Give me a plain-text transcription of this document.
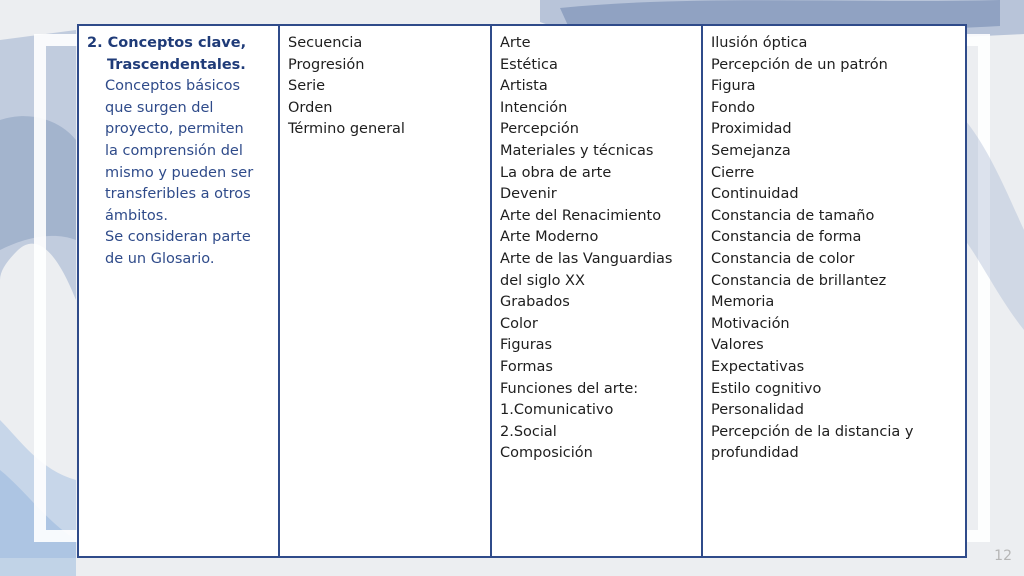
2. Conceptos clave,
Trascendentales.
Conceptos básicos
que surgen del
proyecto, permiten
la comprensión del
mismo y pueden ser
transferibles a otros
ámbitos.
Se consideran parte
de un Glosario.

Secuencia
Progresión
Serie
Orden
Término general

Arte
Estética
Artista
Intención
Percepción
Materiales y técnicas
La obra de arte
Devenir
Arte del Renacimiento
Arte Moderno
Arte de las Vanguardias del siglo XX
Grabados
Color
Figuras
Formas
Funciones del arte:
1.Comunicativo
2.Social
Composición

Ilusión óptica
Percepción de un patrón
Figura
Fondo
Proximidad
Semejanza
Cierre
Continuidad
Constancia de tamaño
Constancia de forma
Constancia de color
Constancia de brillantez
Memoria
Motivación
Valores
Expectativas
Estilo cognitivo
Personalidad
Percepción de la distancia y profundidad
12
